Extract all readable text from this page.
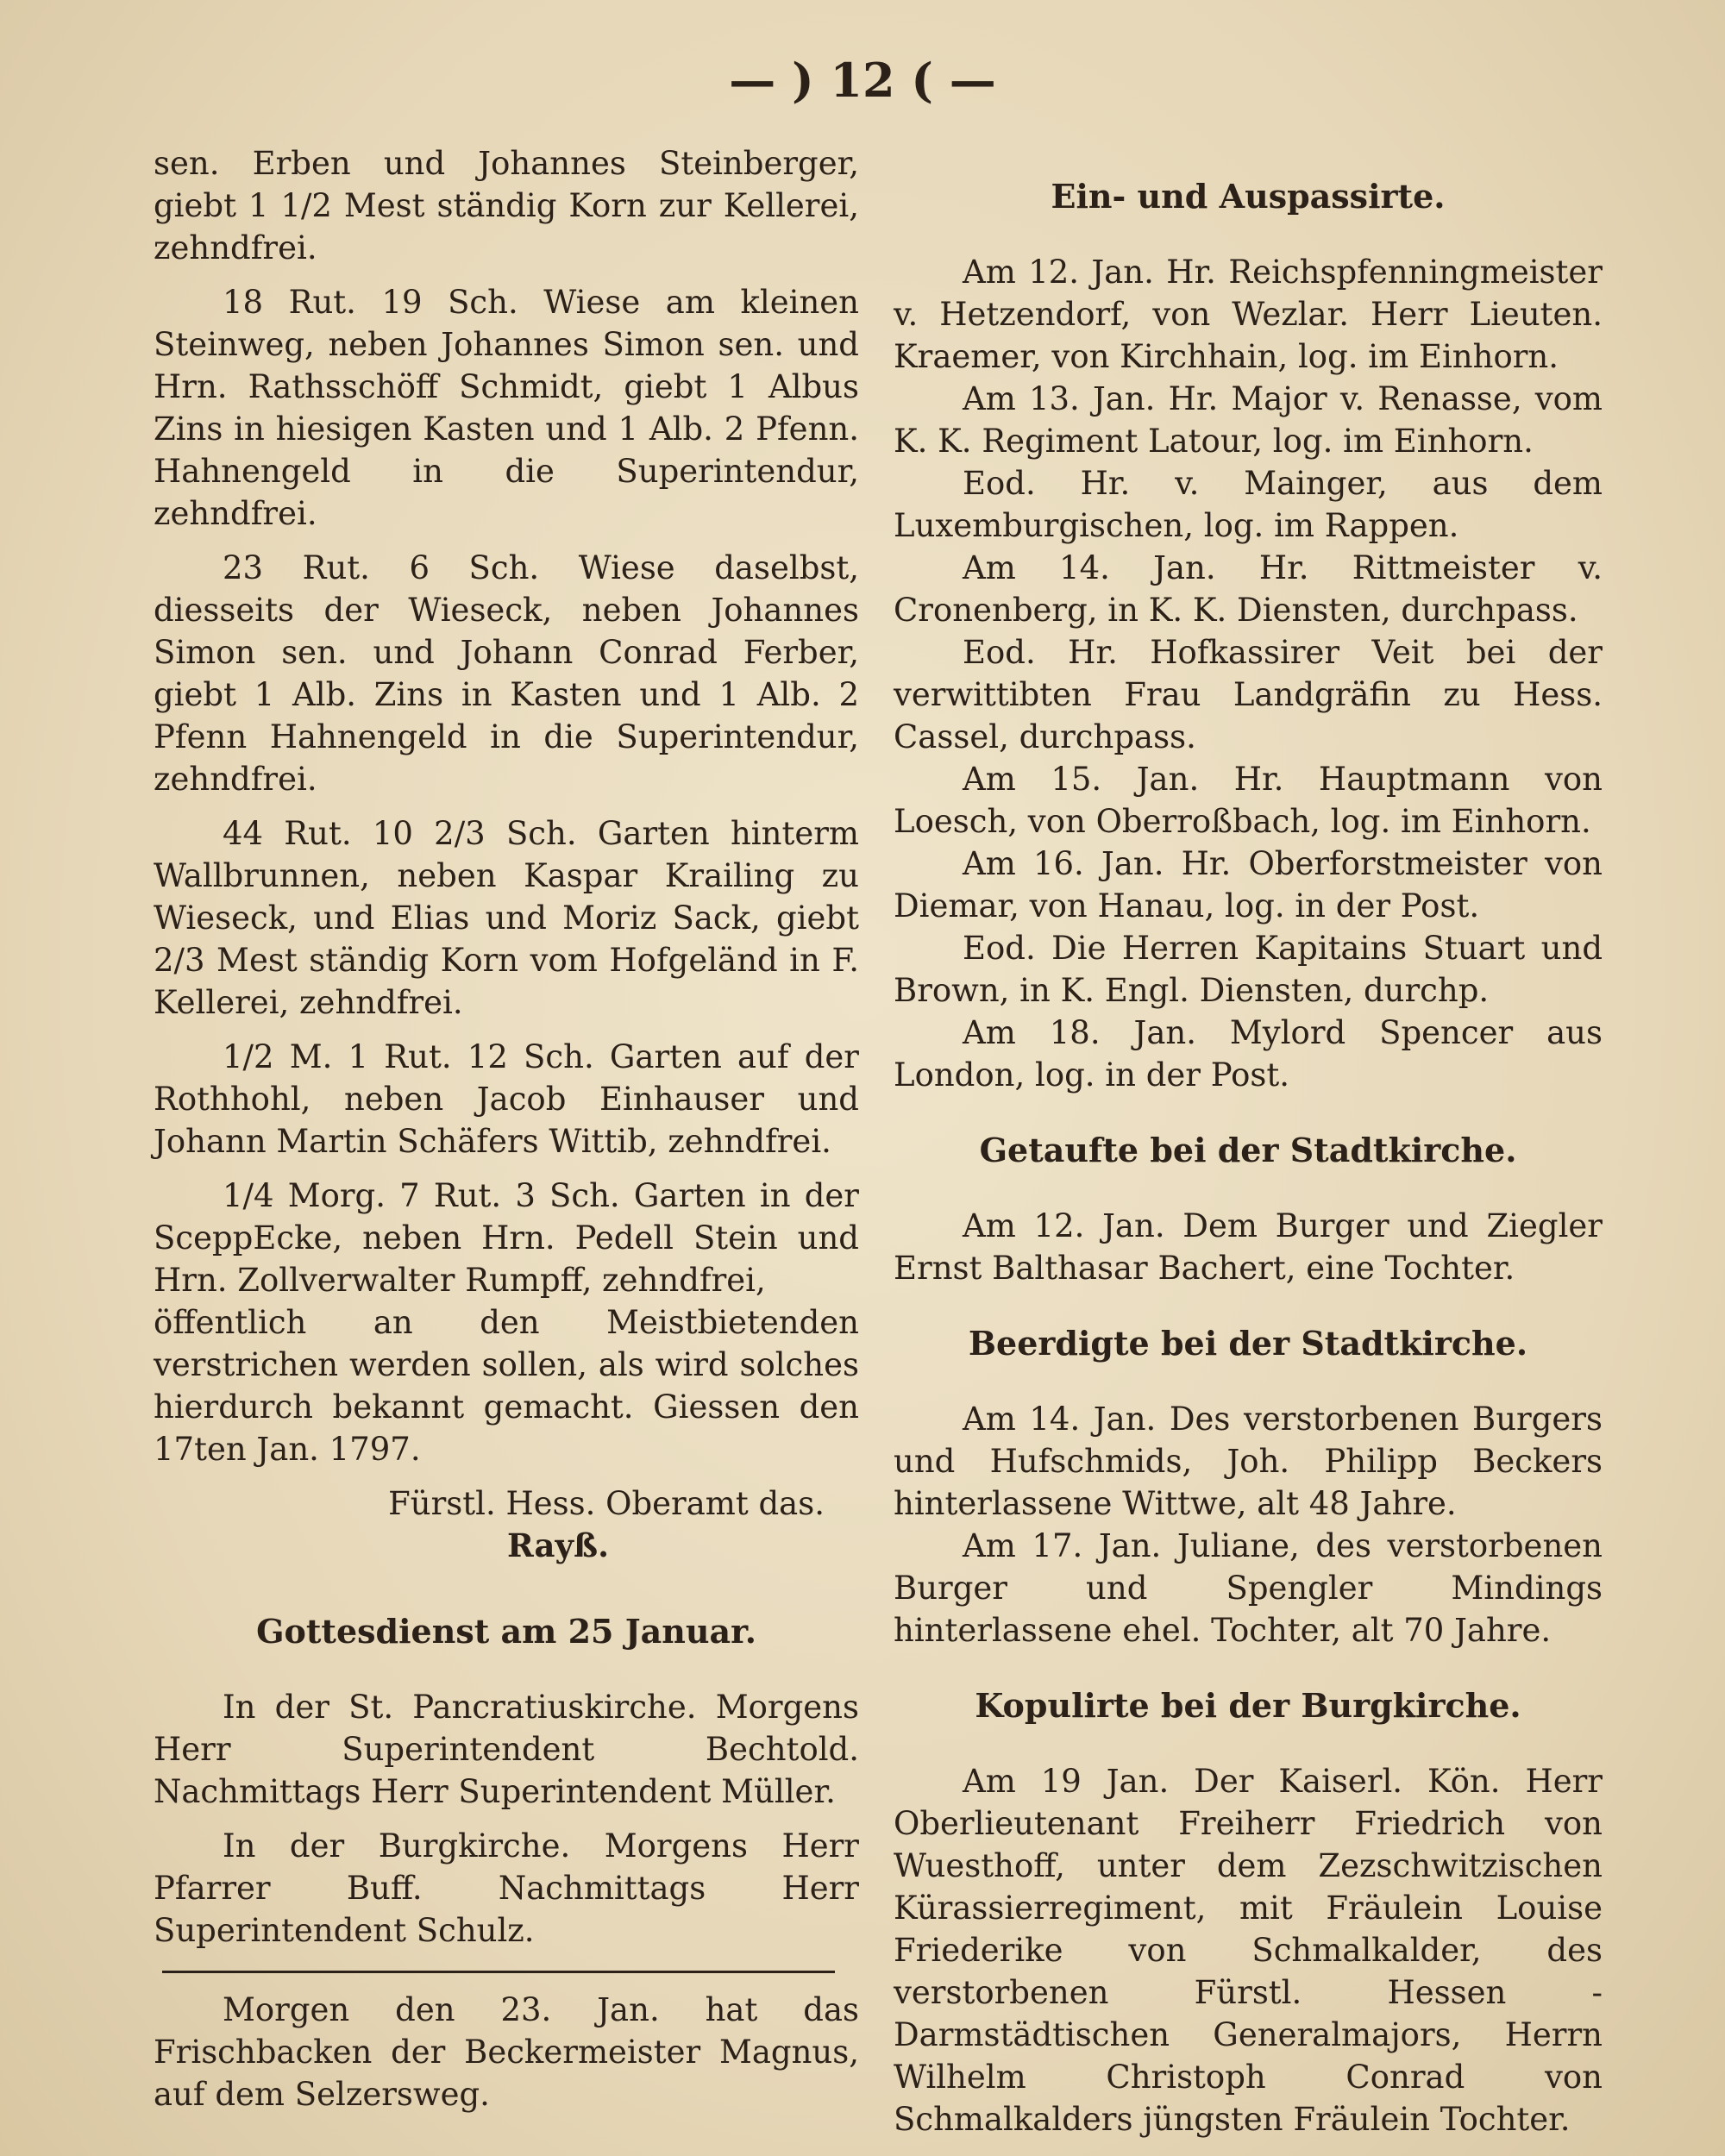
— ) 12 ( —

sen. Erben und Johannes Steinberger, giebt 1 1/2 Mest ständig Korn zur Kellerei, zehndfrei.

18 Rut. 19 Sch. Wiese am kleinen Steinweg, neben Johannes Simon sen. und Hrn. Rathsschöff Schmidt, giebt 1 Albus Zins in hiesigen Kasten und 1 Alb. 2 Pfenn. Hahnengeld in die Superintendur, zehndfrei.

23 Rut. 6 Sch. Wiese daselbst, diesseits der Wieseck, neben Johannes Simon sen. und Johann Conrad Ferber, giebt 1 Alb. Zins in Kasten und 1 Alb. 2 Pfenn Hahnengeld in die Superintendur, zehndfrei.

44 Rut. 10 2/3 Sch. Garten hinterm Wallbrunnen, neben Kaspar Krailing zu Wieseck, und Elias und Moriz Sack, giebt 2/3 Mest ständig Korn vom Hofgeländ in F. Kellerei, zehndfrei.

1/2 M. 1 Rut. 12 Sch. Garten auf der Rothhohl, neben Jacob Einhauser und Johann Martin Schäfers Wittib, zehndfrei.

1/4 Morg. 7 Rut. 3 Sch. Garten in der SceppEcke, neben Hrn. Pedell Stein und Hrn. Zollverwalter Rumpff, zehndfrei,

öffentlich an den Meistbietenden verstrichen werden sollen, als wird solches hierdurch bekannt gemacht. Giessen den 17ten Jan. 1797.

Fürstl. Hess. Oberamt das.

Rayß.

Gottesdienst am 25 Januar.

In der St. Pancratiuskirche. Morgens Herr Superintendent Bechtold. Nachmittags Herr Superintendent Müller.

In der Burgkirche. Morgens Herr Pfarrer Buff. Nachmittags Herr Superintendent Schulz.

Morgen den 23. Jan. hat das Frischbacken der Beckermeister Magnus, auf dem Selzersweg.

Ein- und Auspassirte.

Am 12. Jan. Hr. Reichspfenningmeister v. Hetzendorf, von Wezlar. Herr Lieuten. Kraemer, von Kirchhain, log. im Einhorn.

Am 13. Jan. Hr. Major v. Renasse, vom K. K. Regiment Latour, log. im Einhorn.

Eod. Hr. v. Mainger, aus dem Luxemburgischen, log. im Rappen.

Am 14. Jan. Hr. Rittmeister v. Cronenberg, in K. K. Diensten, durchpass.

Eod. Hr. Hofkassirer Veit bei der verwittibten Frau Landgräfin zu Hess. Cassel, durchpass.

Am 15. Jan. Hr. Hauptmann von Loesch, von Oberroßbach, log. im Einhorn.

Am 16. Jan. Hr. Oberforstmeister von Diemar, von Hanau, log. in der Post.

Eod. Die Herren Kapitains Stuart und Brown, in K. Engl. Diensten, durchp.

Am 18. Jan. Mylord Spencer aus London, log. in der Post.

Getaufte bei der Stadtkirche.

Am 12. Jan. Dem Burger und Ziegler Ernst Balthasar Bachert, eine Tochter.

Beerdigte bei der Stadtkirche.

Am 14. Jan. Des verstorbenen Burgers und Hufschmids, Joh. Philipp Beckers hinterlassene Wittwe, alt 48 Jahre.

Am 17. Jan. Juliane, des verstorbenen Burger und Spengler Mindings hinterlassene ehel. Tochter, alt 70 Jahre.

Kopulirte bei der Burgkirche.

Am 19 Jan. Der Kaiserl. Kön. Herr Oberlieutenant Freiherr Friedrich von Wuesthoff, unter dem Zezschwitzischen Kürassierregiment, mit Fräulein Louise Friederike von Schmalkalder, des verstorbenen Fürstl. Hessen - Darmstädtischen Generalmajors, Herrn Wilhelm Christoph Conrad von Schmalkalders jüngsten Fräulein Tochter.
